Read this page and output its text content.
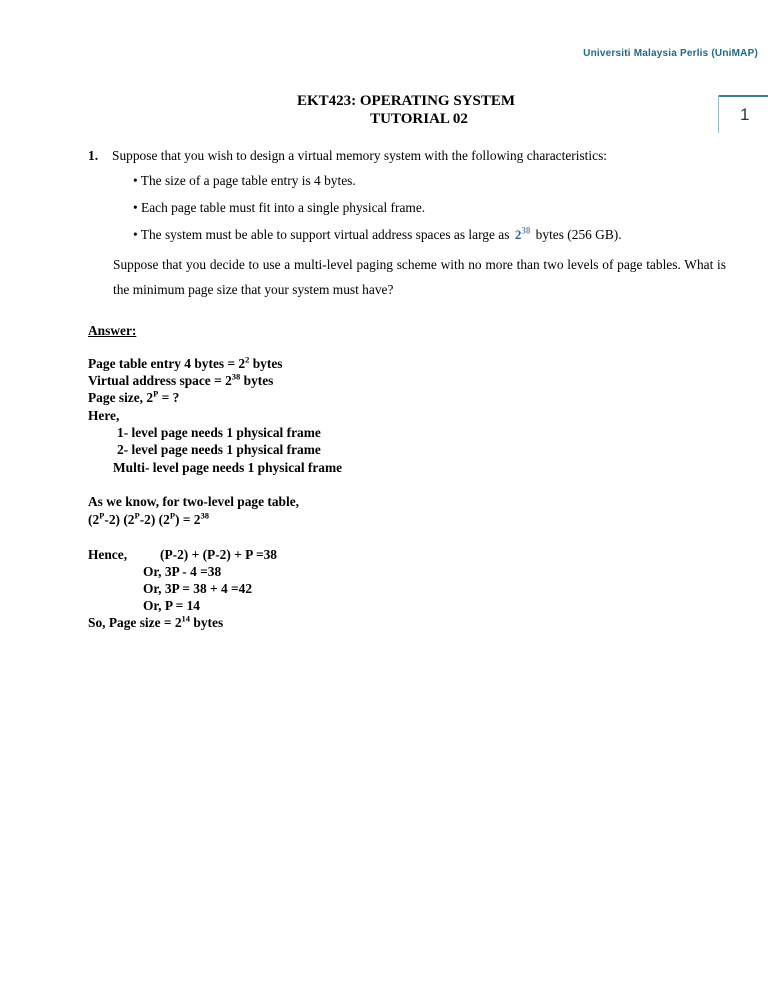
Universiti Malaysia Perlis (UniMAP)
1
EKT423: OPERATING SYSTEM
TUTORIAL 02
1. Suppose that you wish to design a virtual memory system with the following characteristics:
• The size of a page table entry is 4 bytes.
• Each page table must fit into a single physical frame.
• The system must be able to support virtual address spaces as large as $2^{38}$ bytes (256 GB).
Suppose that you decide to use a multi-level paging scheme with no more than two levels of page tables. What is the minimum page size that your system must have?
Answer:
Page table entry 4 bytes = $2^2$ bytes
Virtual address space = $2^{38}$ bytes
Page size, $2^P$ = ?
Here,
1- level page needs 1 physical frame
2- level page needs 1 physical frame
Multi- level page needs 1 physical frame
As we know, for two-level page table,
$(2^P-2)$ $(2^P-2) (2^P) = 2^{38}$
Hence, (P-2) + (P-2) + P =38
Or, 3P - 4 =38
Or, 3P = 38 + 4 =42
Or, P = 14
So, Page size = $2^{14}$ bytes
